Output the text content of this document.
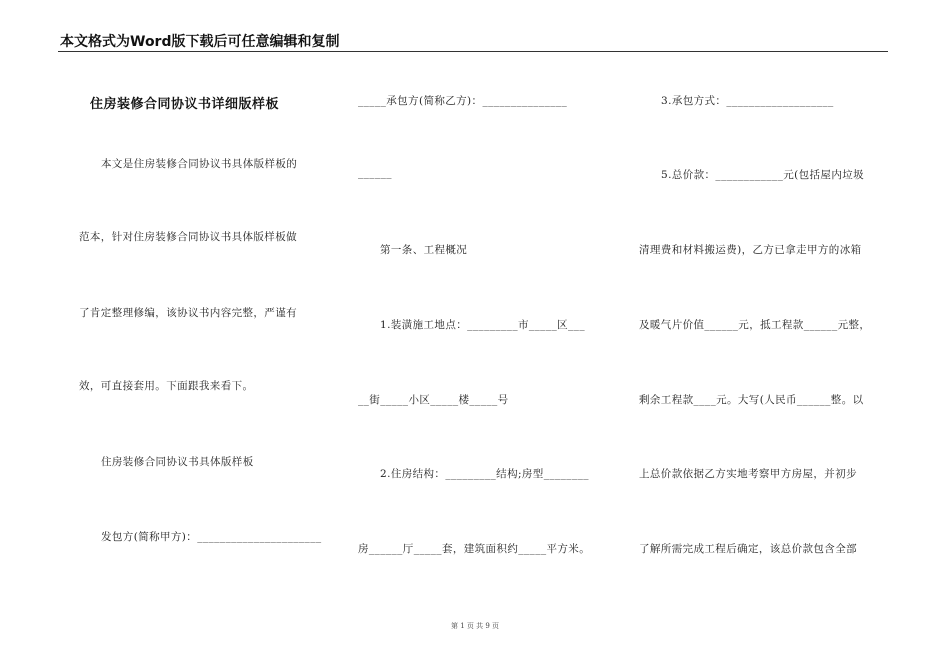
本文格式为Word版下载后可任意编辑和复制
住房装修合同协议书详细版样板
本文是住房装修合同协议书具体版样板的
范本，针对住房装修合同协议书具体版样板做
了肯定整理修编，该协议书内容完整，严谨有
效，可直接套用。下面跟我来看下。
住房装修合同协议书具体版样板
发包方(简称甲方)：______________________
_____承包方(简称乙方)：_______________
______
第一条、工程概况
1.装潢施工地点：_________市_____区___
__街_____小区_____楼_____号
2.住房结构：_________结构;房型________
房______厅_____套，建筑面积约_____平方米。
3.承包方式：___________________
5.总价款：____________元(包括屋内垃圾
清理费和材料搬运费)，乙方已拿走甲方的冰箱
及暖气片价值______元，抵工程款______元整，
剩余工程款____元。大写(人民币______整。以
上总价款依据乙方实地考察甲方房屋，并初步
了解所需完成工程后确定，该总价款包含全部
第 1 页 共 9 页
